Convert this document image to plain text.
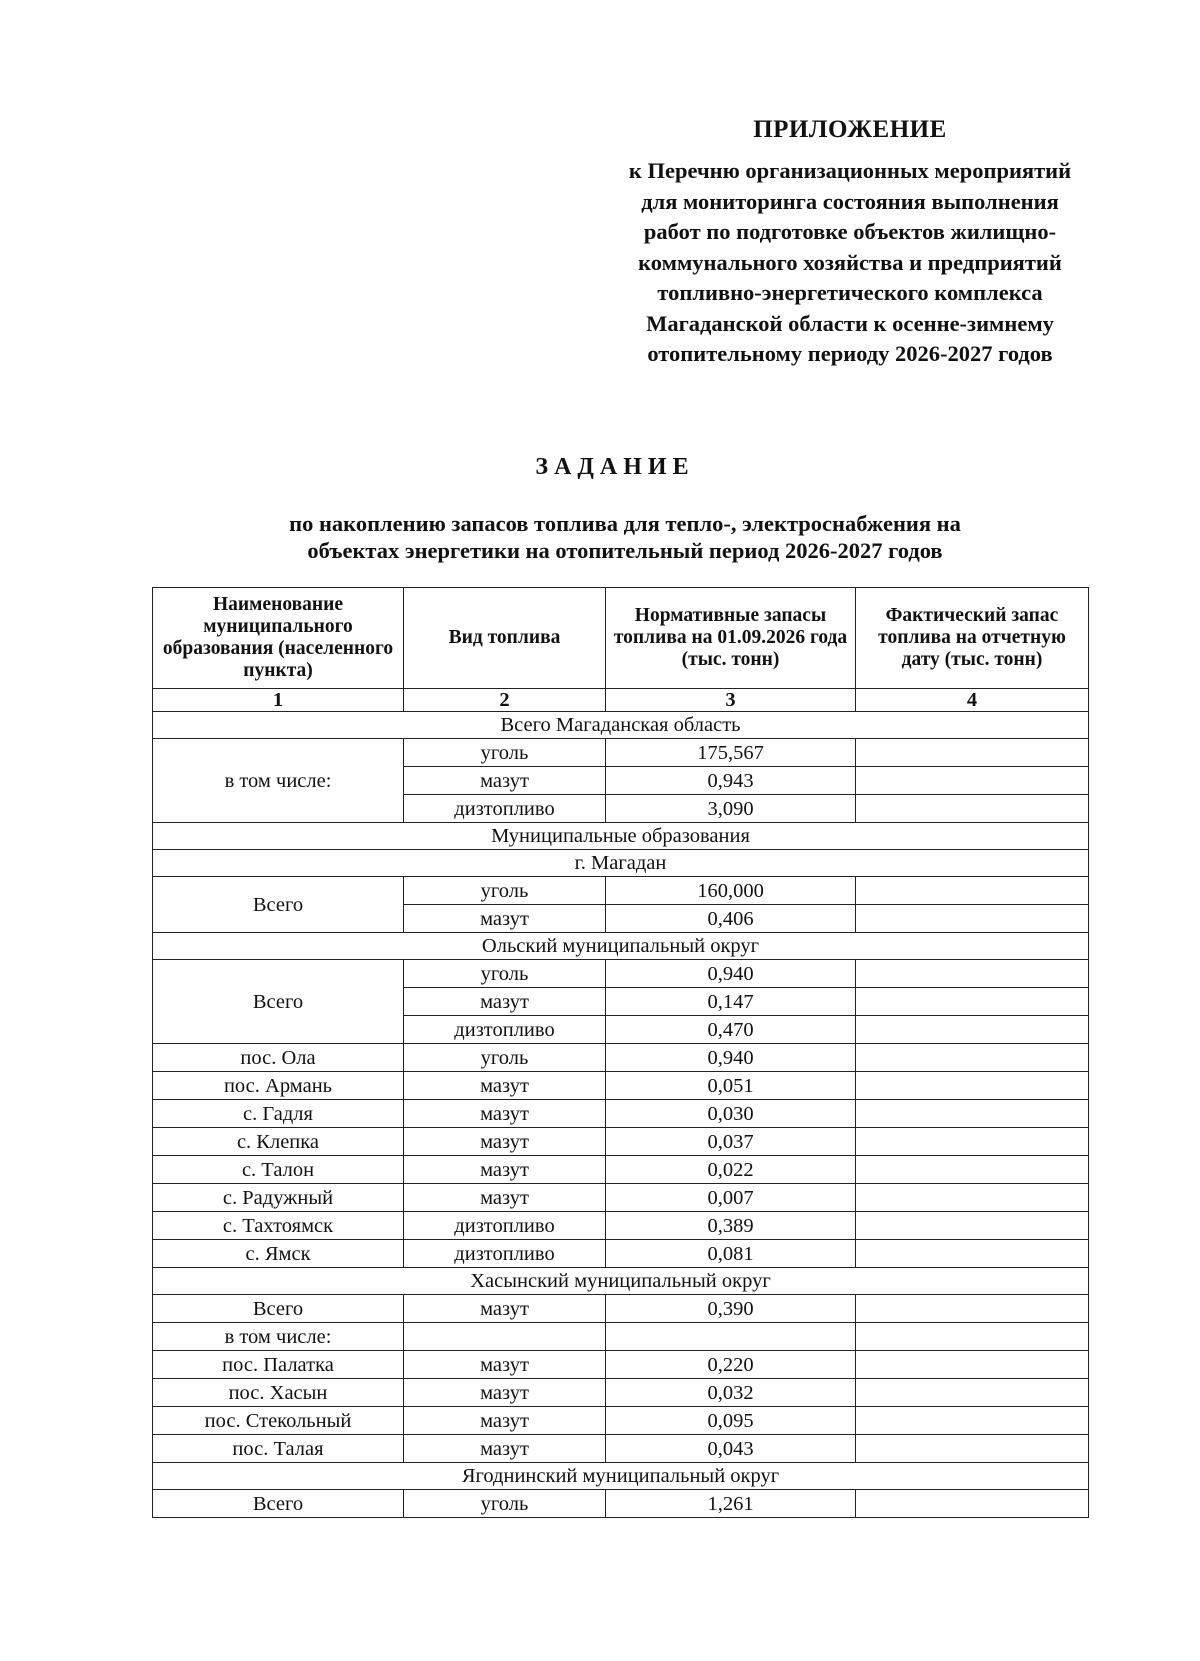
ПРИЛОЖЕНИЕ
к Перечню организационных мероприятий
для мониторинга состояния выполнения
работ по подготовке объектов жилищно-
коммунального хозяйства и предприятий
топливно-энергетического комплекса
Магаданской области к осенне-зимнему
отопительному периоду 2026-2027 годов
ЗАДАНИЕ
по накоплению запасов топлива для тепло-, электроснабжения на
объектах энергетики на отопительный период 2026-2027 годов
Наименование муниципального образования (населенного пункта)	Вид топлива	Нормативные запасы топлива на 01.09.2026 года (тыс. тонн)	Фактический запас топлива на отчетную дату (тыс. тонн)
1	2	3	4
Всего Магаданская область			
в том числе:	уголь	175,567	
	мазут	0,943	
	дизтопливо	3,090	
Муниципальные образования			
г. Магадан			
Всего	уголь	160,000	
	мазут	0,406	
Ольский муниципальный округ			
Всего	уголь	0,940	
	мазут	0,147	
	дизтопливо	0,470	
пос. Ола	уголь	0,940	
пос. Армань	мазут	0,051	
с. Гадля	мазут	0,030	
с. Клепка	мазут	0,037	
с. Талон	мазут	0,022	
с. Радужный	мазут	0,007	
с. Тахтоямск	дизтопливо	0,389	
с. Ямск	дизтопливо	0,081	
Хасынский муниципальный округ			
Всего	мазут	0,390	
в том числе:			
пос. Палатка	мазут	0,220	
пос. Хасын	мазут	0,032	
пос. Стекольный	мазут	0,095	
пос. Талая	мазут	0,043	
Ягоднинский муниципальный округ			
Всего	уголь	1,261	
